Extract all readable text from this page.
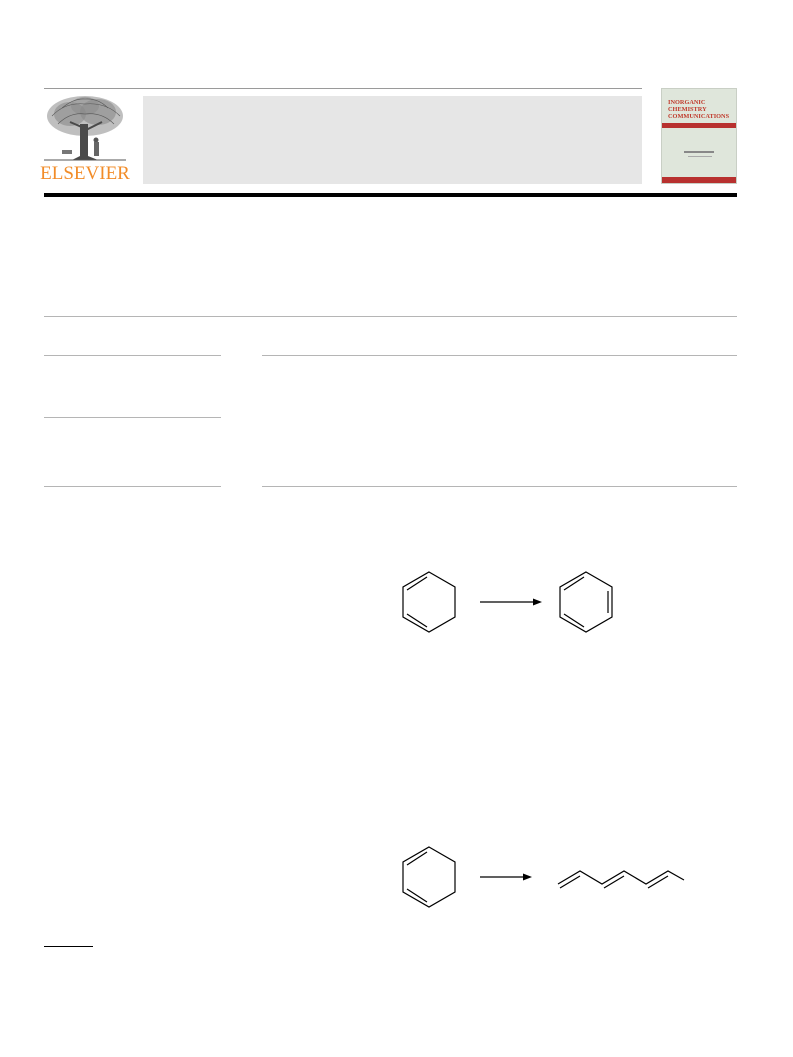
ELSEVIER
INORGANIC CHEMISTRY COMMUNICATIONS
